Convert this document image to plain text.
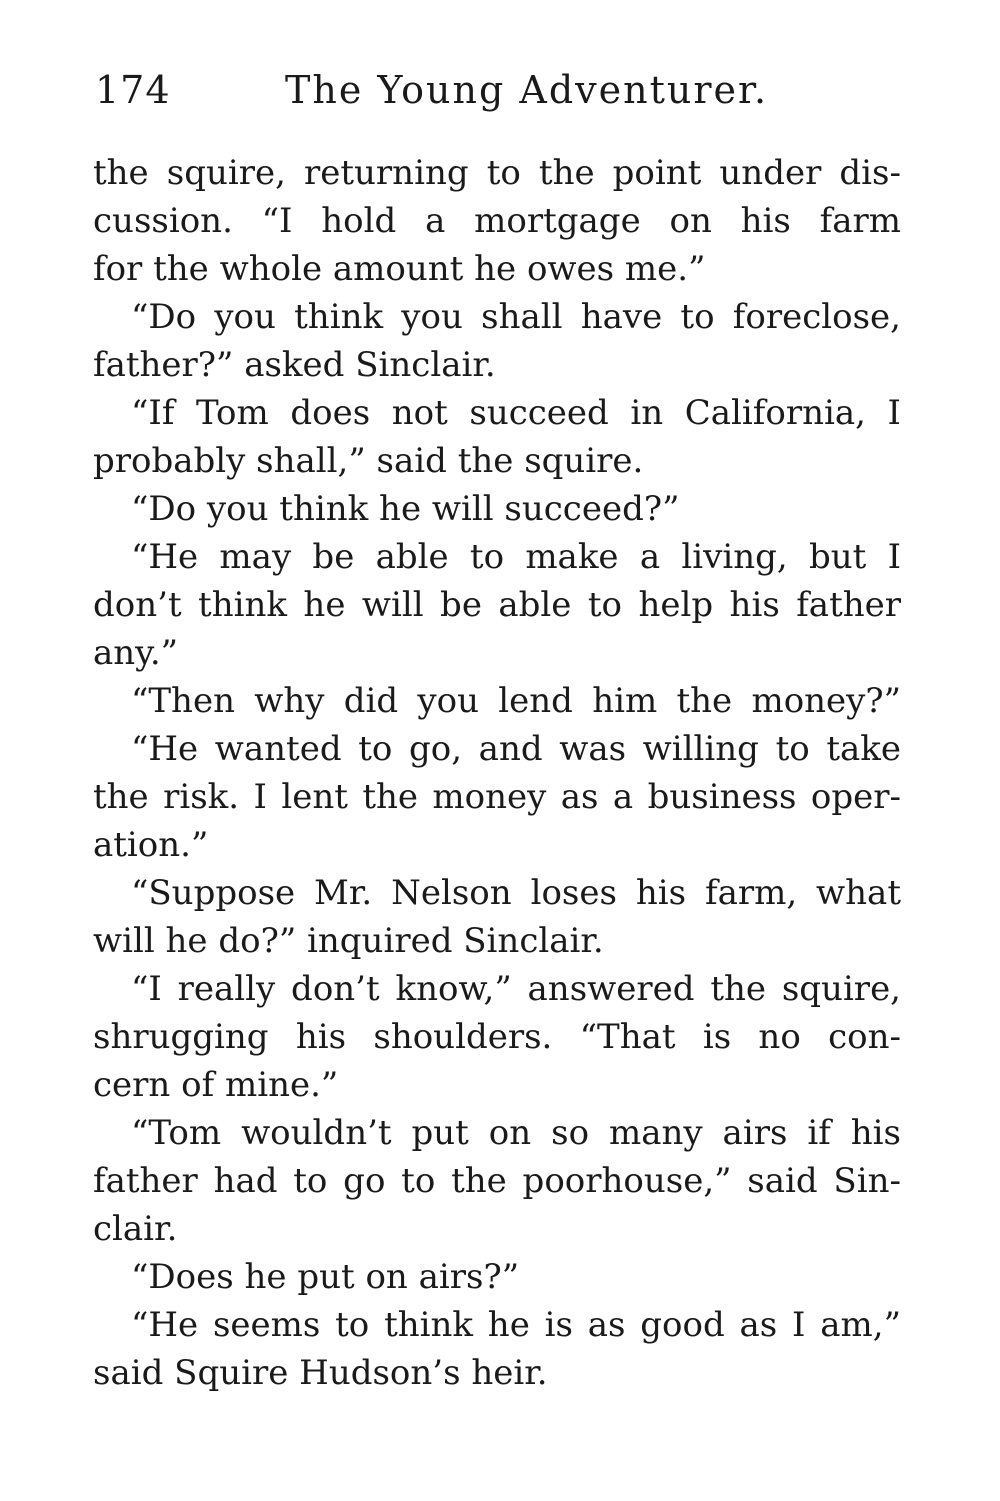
174	The Young Adventurer.
the squire, returning to the point under dis-
cussion. “I hold a mortgage on his farm
for the whole amount he owes me.”
“Do you think you shall have to foreclose,
father?” asked Sinclair.
“If Tom does not succeed in California, I
probably shall,” said the squire.
“Do you think he will succeed?”
“He may be able to make a living, but I
don’t think he will be able to help his father
any.”
“Then why did you lend him the money?”
“He wanted to go, and was willing to take
the risk. I lent the money as a business oper-
ation.”
“Suppose Mr. Nelson loses his farm, what
will he do?” inquired Sinclair.
“I really don’t know,” answered the squire,
shrugging his shoulders. “That is no con-
cern of mine.”
“Tom wouldn’t put on so many airs if his
father had to go to the poorhouse,” said Sin-
clair.
“Does he put on airs?”
“He seems to think he is as good as I am,”
said Squire Hudson’s heir.
